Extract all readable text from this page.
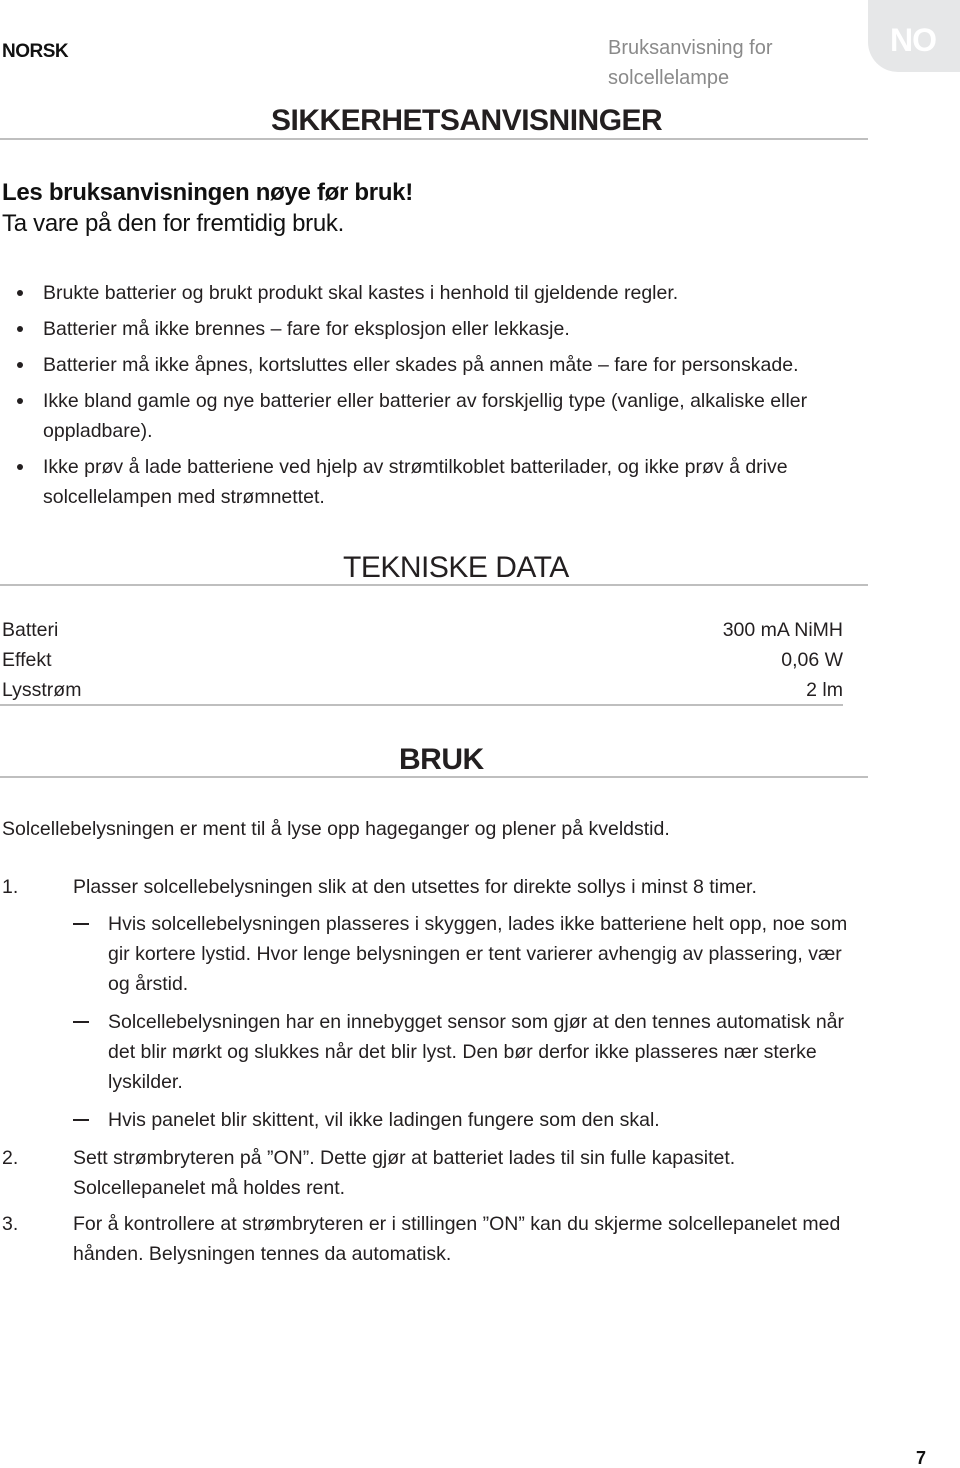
NORSK	Bruksanvisning for solcellelampe
NO
SIKKERHETSANVISNINGER
Les bruksanvisningen nøye før bruk!
Ta vare på den for fremtidig bruk.
Brukte batterier og brukt produkt skal kastes i henhold til gjeldende regler.
Batterier må ikke brennes – fare for eksplosjon eller lekkasje.
Batterier må ikke åpnes, kortsluttes eller skades på annen måte – fare for personskade.
Ikke bland gamle og nye batterier eller batterier av forskjellig type (vanlige, alkaliske eller oppladbare).
Ikke prøv å lade batteriene ved hjelp av strømtilkoblet batterilader, og ikke prøv å drive solcellelampen med strømnettet.
TEKNISKE DATA
Batteri	300 mA NiMH
Effekt	0,06 W
Lysstrøm	2 lm
BRUK
Solcellebelysningen er ment til å lyse opp hageganger og plener på kveldstid.
1.	Plasser solcellebelysningen slik at den utsettes for direkte sollys i minst 8 timer.
Hvis solcellebelysningen plasseres i skyggen, lades ikke batteriene helt opp, noe som gir kortere lystid. Hvor lenge belysningen er tent varierer avhengig av plassering, vær og årstid.
Solcellebelysningen har en innebygget sensor som gjør at den tennes automatisk når det blir mørkt og slukkes når det blir lyst. Den bør derfor ikke plasseres nær sterke lyskilder.
Hvis panelet blir skittent, vil ikke ladingen fungere som den skal.
2.	Sett strømbryteren på ”ON”. Dette gjør at batteriet lades til sin fulle kapasitet. Solcellepanelet må holdes rent.
3.	For å kontrollere at strømbryteren er i stillingen ”ON” kan du skjerme solcellepanelet med hånden. Belysningen tennes da automatisk.
7
